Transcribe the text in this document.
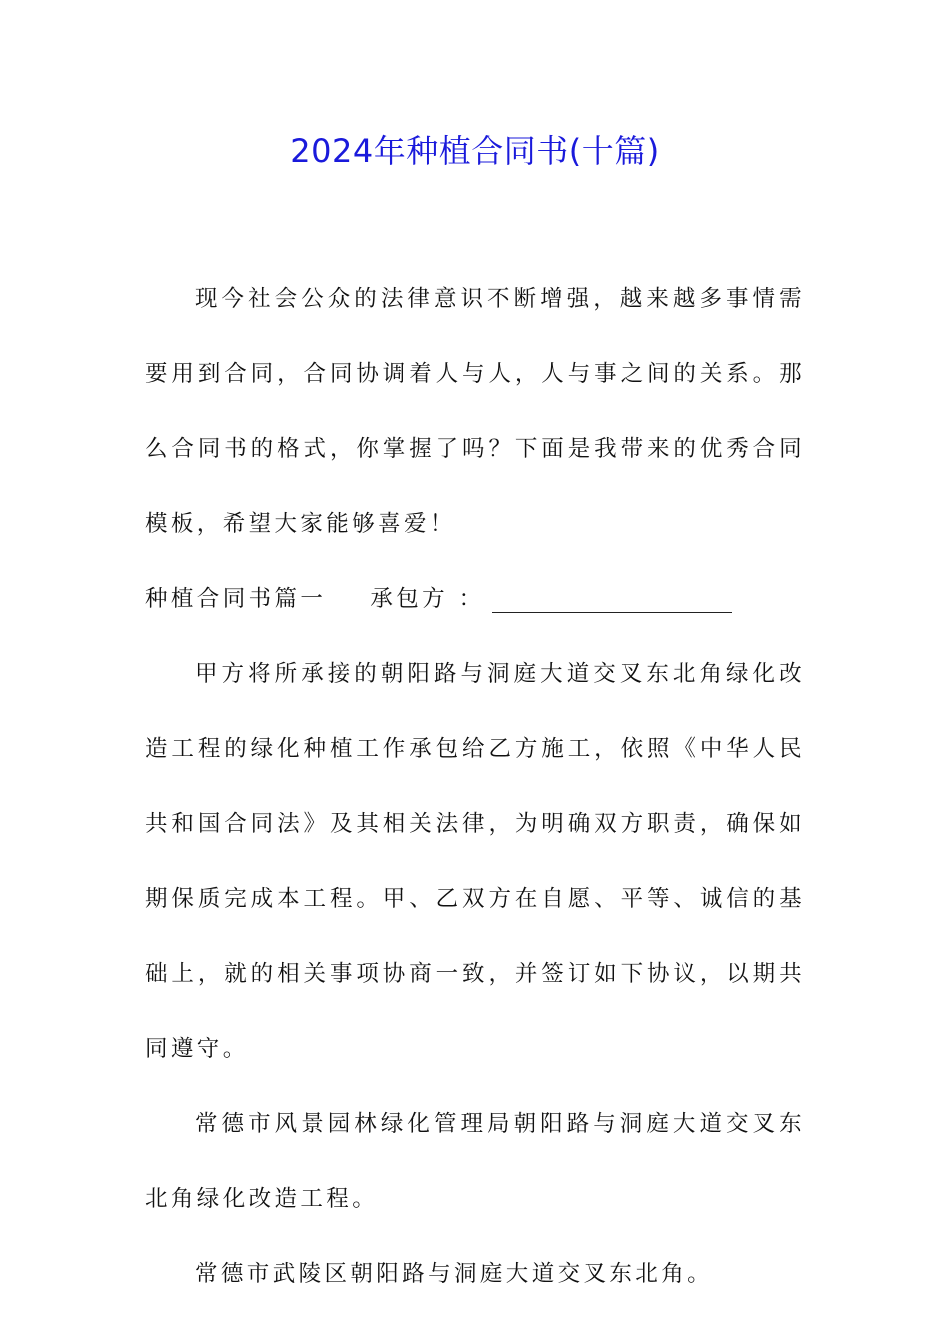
2024年种植合同书(十篇)

现今社会公众的法律意识不断增强，越来越多事情需要用到合同，合同协调着人与人，人与事之间的关系。那么合同书的格式，你掌握了吗？下面是我带来的优秀合同模板，希望大家能够喜爱！

种植合同书篇一 承包方 ：

甲方将所承接的朝阳路与洞庭大道交叉东北角绿化改造工程的绿化种植工作承包给乙方施工，依照《中华人民共和国合同法》及其相关法律，为明确双方职责，确保如期保质完成本工程。甲、乙双方在自愿、平等、诚信的基础上，就的相关事项协商一致，并签订如下协议，以期共同遵守。

常德市风景园林绿化管理局朝阳路与洞庭大道交叉东北角绿化改造工程。

常德市武陵区朝阳路与洞庭大道交叉东北角。
